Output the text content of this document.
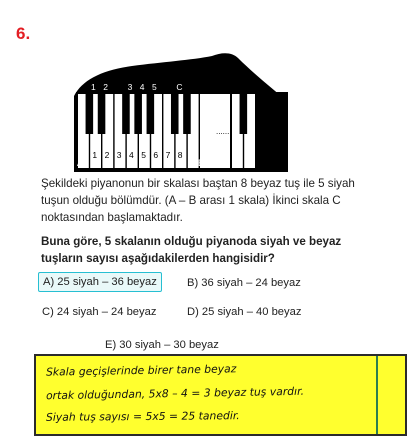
6.
1 2 3 4 5 6 7 8
1 2 3 4 5 C
A	B
......
Şekildeki piyanonun bir skalası baştan 8 beyaz tuş ile 5 siyah tuşun olduğu bölümdür. (A – B arası 1 skala) İkinci skala C noktasından başlamaktadır.
Buna göre, 5 skalanın olduğu piyanoda siyah ve beyaz tuşların sayısı aşağıdakilerden hangisidir?
A) 25 siyah – 36 beyaz	B) 36 siyah – 24 beyaz
C) 24 siyah – 24 beyaz	D) 25 siyah – 40 beyaz
E) 30 siyah – 30 beyaz
Skala geçişlerinde birer tane beyaz
ortak olduğundan, 5x8 – 4 = 3 beyaz tuş vardır.
Siyah tuş sayısı = 5x5 = 25 tanedir.
